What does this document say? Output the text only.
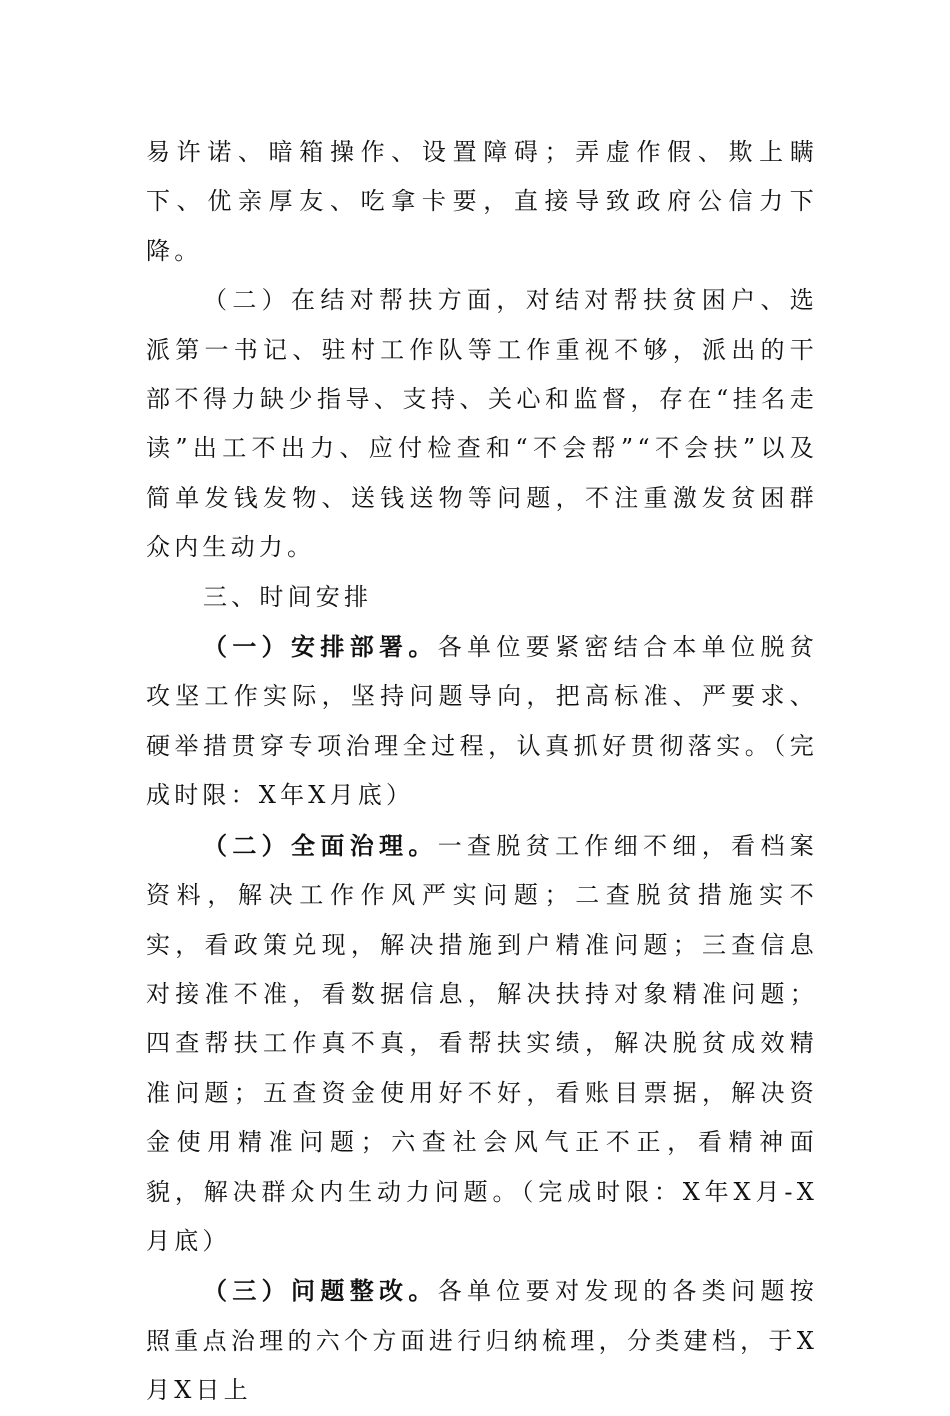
易许诺、暗箱操作、设置障碍；弄虚作假、欺上瞒下、优亲厚友、吃拿卡要，直接导致政府公信力下降。

（二）在结对帮扶方面，对结对帮扶贫困户、选派第一书记、驻村工作队等工作重视不够，派出的干部不得力缺少指导、支持、关心和监督，存在“挂名走读”出工不出力、应付检查和“不会帮”“不会扶”以及简单发钱发物、送钱送物等问题，不注重激发贫困群众内生动力。

三、时间安排

（一）安排部署。各单位要紧密结合本单位脱贫攻坚工作实际，坚持问题导向，把高标准、严要求、硬举措贯穿专项治理全过程，认真抓好贯彻落实。（完成时限：X年X月底）

（二）全面治理。一查脱贫工作细不细，看档案资料，解决工作作风严实问题；二查脱贫措施实不实，看政策兑现，解决措施到户精准问题；三查信息对接准不准，看数据信息，解决扶持对象精准问题；四查帮扶工作真不真，看帮扶实绩，解决脱贫成效精准问题；五查资金使用好不好，看账目票据，解决资金使用精准问题；六查社会风气正不正，看精神面貌，解决群众内生动力问题。（完成时限：X年X月-X月底）

（三）问题整改。各单位要对发现的各类问题按照重点治理的六个方面进行归纳梳理，分类建档，于X月X日上
